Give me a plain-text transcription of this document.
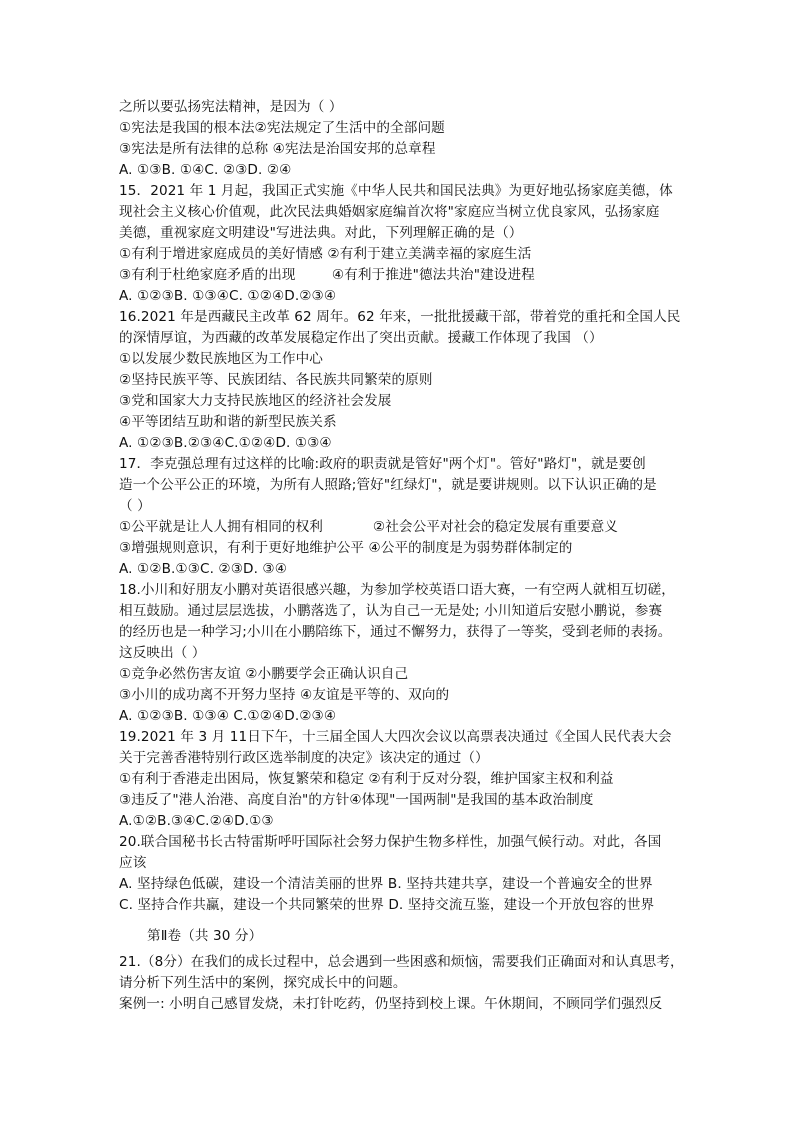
之所以要弘扬宪法精神，是因为（ ）
①宪法是我国的根本法②宪法规定了生活中的全部问题
③宪法是所有法律的总称 ④宪法是治国安邦的总章程
A. ①③B. ①④C. ②③D. ②④
15．2021 年 1 月起，我国正式实施《中华人民共和国民法典》为更好地弘扬家庭美德，体
现社会主义核心价值观，此次民法典婚姻家庭编首次将"家庭应当树立优良家风，弘扬家庭
美德，重视家庭文明建设"写进法典。对此，下列理解正确的是（）
①有利于增进家庭成员的美好情感 ②有利于建立美满幸福的家庭生活
③有利于杜绝家庭矛盾的出现 　　 ④有利于推进"德法共治"建设进程
A. ①②③B. ①③④C. ①②④D.②③④
16.2021 年是西藏民主改革 62 周年。62 年来，一批批援藏干部，带着党的重托和全国人民
的深情厚谊，为西藏的改革发展稳定作出了突出贡献。援藏工作体现了我国 （）
①以发展少数民族地区为工作中心
②坚持民族平等、民族团结、各民族共同繁荣的原则
③党和国家大力支持民族地区的经济社会发展
④平等团结互助和谐的新型民族关系
A. ①②③B.②③④C.①②④D. ①③④
17．李克强总理有过这样的比喻:政府的职责就是管好"两个灯"。管好"路灯"，就是要创
造一个公平公正的环境，为所有人照路;管好"红绿灯"，就是要讲规则。以下认识正确的是
（ ）
①公平就是让人人拥有相同的权利 　　　 ②社会公平对社会的稳定发展有重要意义
③增强规则意识，有利于更好地维护公平 ④公平的制度是为弱势群体制定的
A. ①②B.①③C. ②③D. ③④
18.小川和好朋友小鹏对英语很感兴趣，为参加学校英语口语大赛，一有空两人就相互切磋，
相互鼓励。通过层层选拔，小鹏落选了，认为自己一无是处; 小川知道后安慰小鹏说，参赛
的经历也是一种学习;小川在小鹏陪练下，通过不懈努力，获得了一等奖，受到老师的表扬。
这反映出（ ）
①竞争必然伤害友谊 ②小鹏要学会正确认识自己
③小川的成功离不开努力坚持 ④友谊是平等的、双向的
A. ①②③B. ①③④ C.①②④D.②③④
19.2021 年 3 月 11日下午，十三届全国人大四次会议以高票表决通过《全国人民代表大会
关于完善香港特别行政区选举制度的决定》该决定的通过（）
①有利于香港走出困局，恢复繁荣和稳定 ②有利于反对分裂，维护国家主权和利益
③违反了"港人治港、高度自治"的方针④体现"一国两制"是我国的基本政治制度
A.①②B.③④C.②④D.①③
20.联合国秘书长古特雷斯呼吁国际社会努力保护生物多样性，加强气候行动。对此，各国
应该
A. 坚持绿色低碳，建设一个清洁美丽的世界 B. 坚持共建共享，建设一个普遍安全的世界
C. 坚持合作共赢，建设一个共同繁荣的世界 D. 坚持交流互鉴，建设一个开放包容的世界
第Ⅱ卷（共 30 分）
21.（8分）在我们的成长过程中，总会遇到一些困惑和烦恼，需要我们正确面对和认真思考，
请分析下列生活中的案例，探究成长中的问题。
案例一: 小明自己感冒发烧，未打针吃药，仍坚持到校上课。午休期间，不顾同学们强烈反
